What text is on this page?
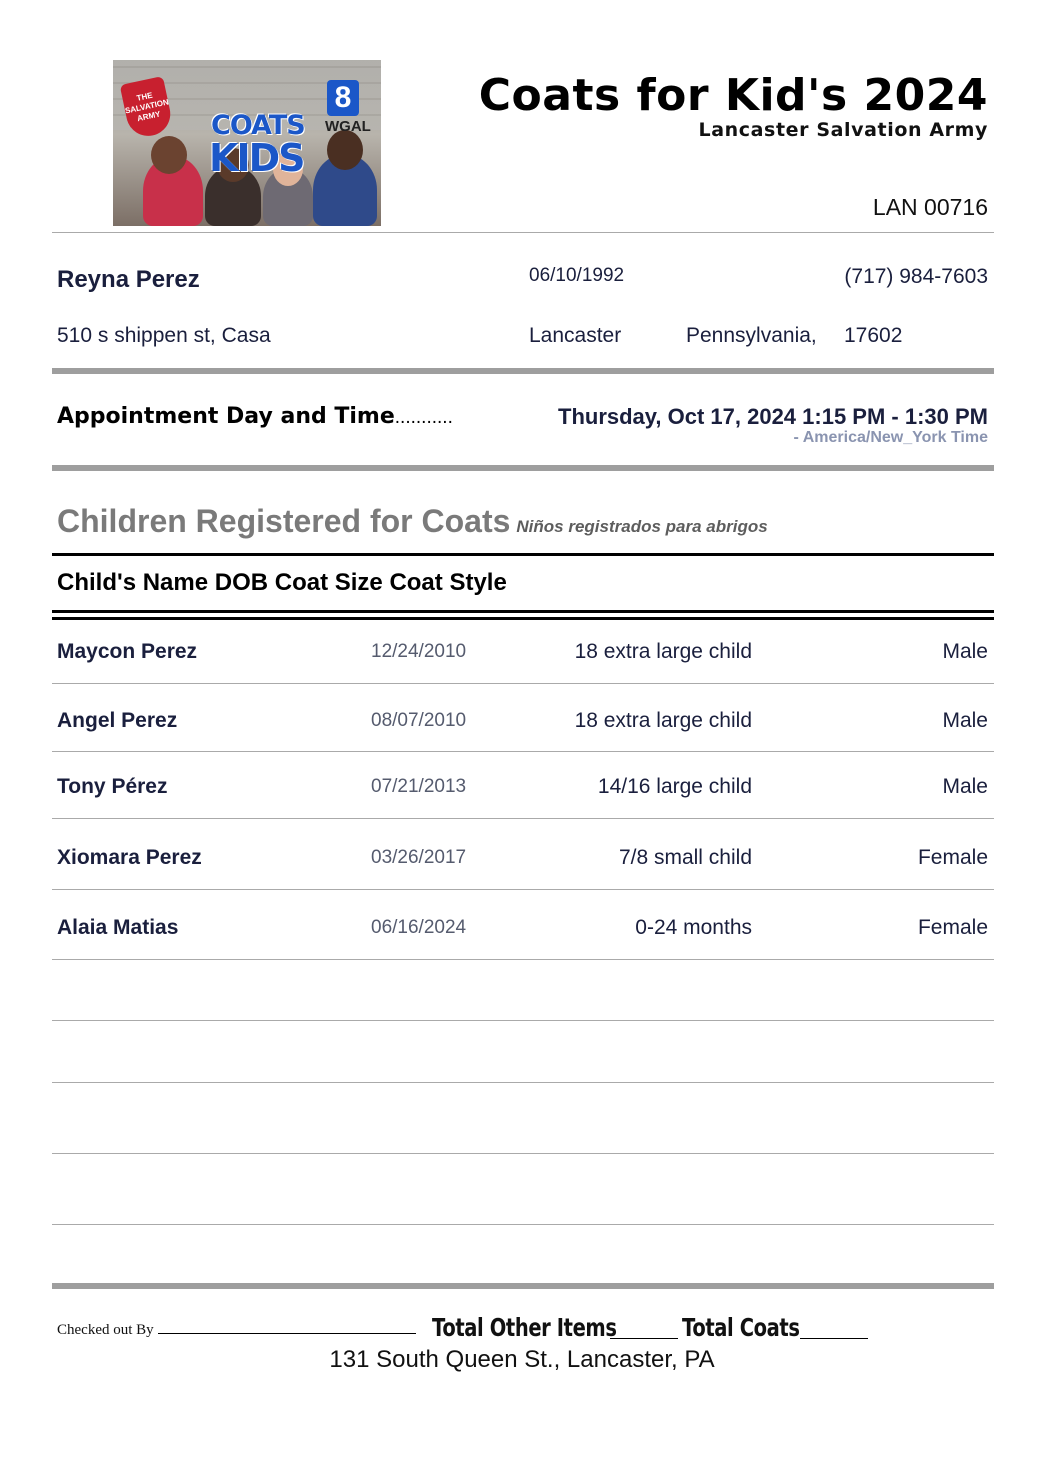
THE SALVATION ARMY	COATS
KIDS
8
WGAL
Coats for Kid's 2024
Lancaster Salvation Army
LAN 00716
Reyna Perez	06/10/1992	(717) 984-7603
510 s shippen st, Casa	Lancaster	Pennsylvania, 17602
Appointment Day and Time...........	Thursday, Oct 17, 2024 1:15 PM - 1:30 PM
- America/New_York Time
Children Registered for Coats Niños registrados para abrigos
Child's Name DOB Coat Size Coat Style
Maycon Perez	12/24/2010	18 extra large child	Male
Angel Perez	08/07/2010	18 extra large child	Male
Tony Pérez	07/21/2013	14/16 large child	Male
Xiomara Perez	03/26/2017	7/8 small child	Female
Alaia Matias	06/16/2024	0-24 months	Female
Checked out By	Total Other Items	Total Coats
131 South Queen St., Lancaster, PA
